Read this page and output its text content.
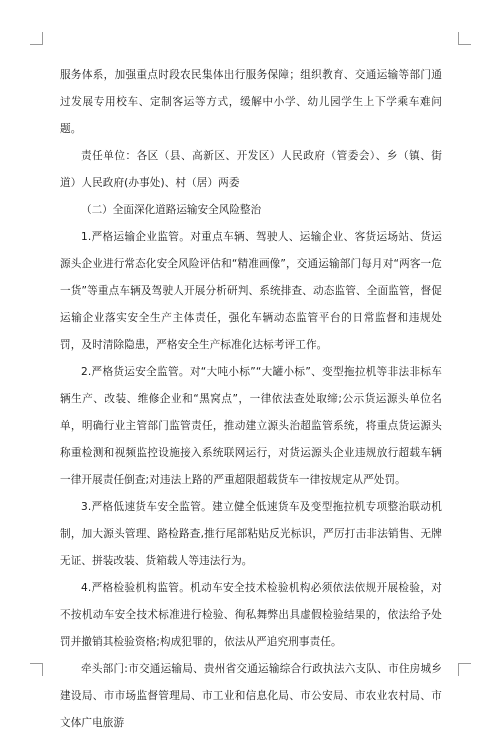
服务体系，加强重点时段农民集体出行服务保障；组织教育、交通运输等部门通过发展专用校车、定制客运等方式，缓解中小学、幼儿园学生上下学乘车难问题。

责任单位：各区（县、高新区、开发区）人民政府（管委会）、乡（镇、街道）人民政府(办事处)、村（居）两委

（二）全面深化道路运输安全风险整治

1.严格运输企业监管。对重点车辆、驾驶人、运输企业、客货运场站、货运源头企业进行常态化安全风险评估和“精准画像”，交通运输部门每月对“两客一危一货”等重点车辆及驾驶人开展分析研判、系统排查、动态监管、全面监管，督促运输企业落实安全生产主体责任，强化车辆动态监管平台的日常监督和违规处罚，及时清除隐患，严格安全生产标准化达标考评工作。

2.严格货运安全监管。对“大吨小标”“大罐小标”、变型拖拉机等非法非标车辆生产、改装、维修企业和“黑窝点”，一律依法查处取缔;公示货运源头单位名单，明确行业主管部门监管责任，推动建立源头治超监管系统，将重点货运源头称重检测和视频监控设施接入系统联网运行，对货运源头企业违规放行超载车辆一律开展责任倒查;对违法上路的严重超限超载货车一律按规定从严处罚。

3.严格低速货车安全监管。建立健全低速货车及变型拖拉机专项整治联动机制，加大源头管理、路检路查,推行尾部粘贴反光标识，严厉打击非法销售、无牌无证、拼装改装、货箱载人等违法行为。

4.严格检验机构监管。机动车安全技术检验机构必须依法依规开展检验，对不按机动车安全技术标准进行检验、徇私舞弊出具虚假检验结果的，依法给予处罚并撤销其检验资格;构成犯罪的，依法从严追究刑事责任。

牵头部门:市交通运输局、贵州省交通运输综合行政执法六支队、市住房城乡建设局、市市场监督管理局、市工业和信息化局、市公安局、市农业农村局、市文体广电旅游
